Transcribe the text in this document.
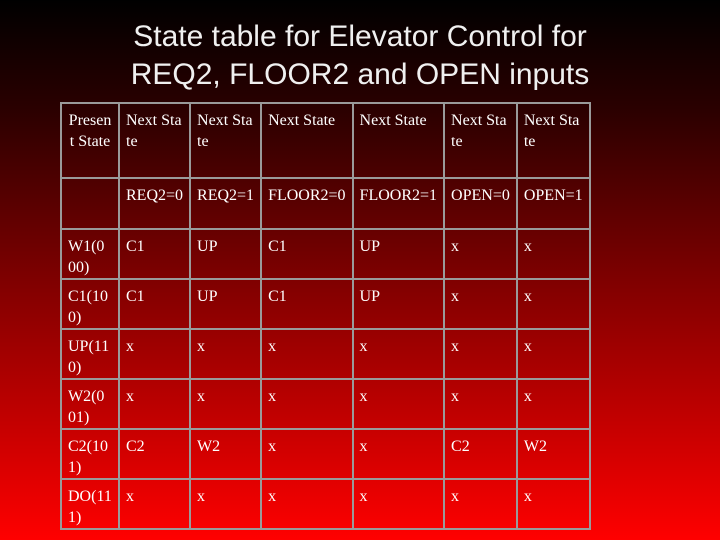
State table for Elevator Control for
REQ2, FLOOR2 and OPEN inputs
Present State	Next State	Next State	Next State	Next State	Next State	Next State
	REQ2=0	REQ2=1	FLOOR2=0	FLOOR2=1	OPEN=0	OPEN=1
W1(000)	C1	UP	C1	UP	x	x
C1(100)	C1	UP	C1	UP	x	x
UP(110)	x	x	x	x	x	x
W2(001)	x	x	x	x	x	x
C2(101)	C2	W2	x	x	C2	W2
DO(111)	x	x	x	x	x	x
